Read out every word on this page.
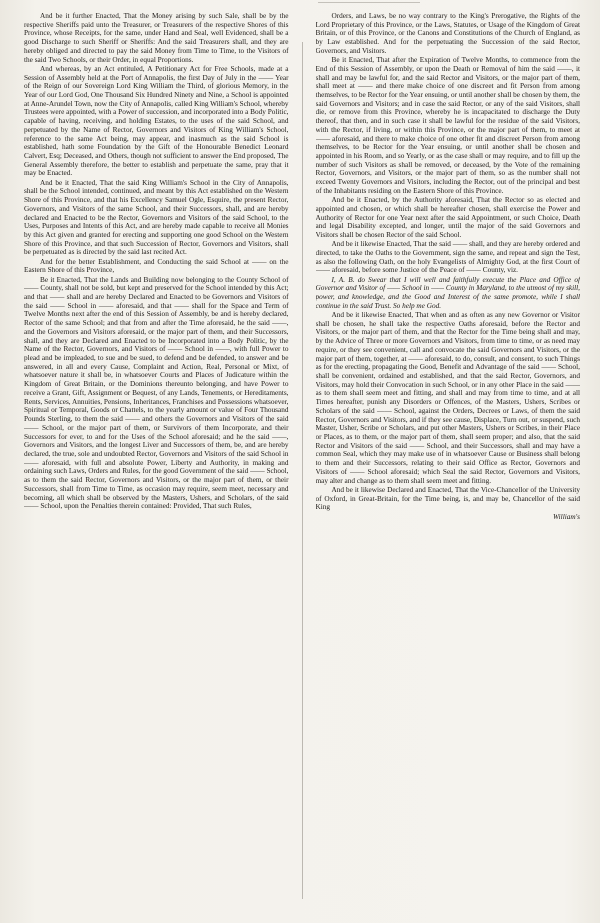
And be it further Enacted, That the Money arising by such Sale, shall be by the respective Sheriffs paid unto the Treasurer, or Treasurers of the respective Shores of this Province, whose Receipts, for the same, under Hand and Seal, well Evidenced, shall be a good Discharge to such Sheriff or Sheriffs: And the said Treasurers shall, and they are hereby obliged and directed to pay the said Money from Time to Time, to the Visitors of the said Two Schools, or their Order, in equal Proportions.

And whereas, by an Act entituled, A Petitionary Act for Free Schools, made at a Session of Assembly held at the Port of Annapolis, the first Day of July in the —— Year of the Reign of our Sovereign Lord King William the Third, of glorious Memory, in the Year of our Lord God, One Thousand Six Hundred Ninety and Nine, a School is appointed at Anne-Arundel Town, now the City of Annapolis, called King William's School, whereby Trustees were appointed, with a Power of succession, and incorporated into a Body Politic, capable of having, receiving, and holding Estates, to the uses of the said School, and perpetuated by the Name of Rector, Governors and Visitors of King William's School, reference to the same Act being, may appear, and inasmuch as the said School is established, hath some Foundation by the Gift of the Honourable Benedict Leonard Calvert, Esq; Deceased, and Others, though not sufficient to answer the End proposed, The General Assembly therefore, the better to establish and perpetuate the same, pray that it may be Enacted.

And be it Enacted, That the said King William's School in the City of Annapolis, shall be the School intended, continued, and meant by this Act established on the Western Shore of this Province, and that his Excellency Samuel Ogle, Esquire, the present Rector, Governors, and Visitors of the same School, and their Successors, shall, and are hereby declared and Enacted to be the Rector, Governors and Visitors of the said School, to the Uses, Purposes and Intents of this Act, and are hereby made capable to receive all Monies by this Act given and granted for erecting and supporting one good School on the Western Shore of this Province, and that such Succession of Rector, Governors and Visitors, shall be perpetuated as is directed by the said last recited Act.

And for the better Establishment, and Conducting the said School at —— on the Eastern Shore of this Province,

Be it Enacted, That the Lands and Building now belonging to the County School of —— County, shall not be sold, but kept and preserved for the School intended by this Act; and that —— shall and are hereby Declared and Enacted to be Governors and Visitors of the said —— School in —— aforesaid, and that —— shall for the Space and Term of Twelve Months next after the end of this Session of Assembly, be and is hereby declared, Rector of the same School; and that from and after the Time aforesaid, he the said ——, and the Governors and Visitors aforesaid, or the major part of them, and their Successors, shall, and they are Declared and Enacted to be Incorporated into a Body Politic, by the Name of the Rector, Governors, and Visitors of —— School in ——, with full Power to plead and be impleaded, to sue and be sued, to defend and be defended, to answer and be answered, in all and every Cause, Complaint and Action, Real, Personal or Mixt, of whatsoever nature it shall be, in whatsoever Courts and Places of Judicature within the Kingdom of Great Britain, or the Dominions thereunto belonging, and have Power to receive a Grant, Gift, Assignment or Bequest, of any Lands, Tenements, or Hereditaments, Rents, Services, Annuities, Pensions, Inheritances, Franchises and Possessions whatsoever, Spiritual or Temporal, Goods or Chattels, to the yearly amount or value of Four Thousand Pounds Sterling, to them the said —— and others the Governors and Visitors of the said —— School, or the major part of them, or Survivors of them Incorporate, and their Successors for ever, to and for the Uses of the School aforesaid; and he the said ——, Governors and Visitors, and the longest Liver and Successors of them, be, and are hereby declared, the true, sole and undoubted Rector, Governors and Visitors of the said School in —— aforesaid, with full and absolute Power, Liberty and Authority, in making and ordaining such Laws, Orders and Rules, for the good Government of the said —— School, as to them the said Rector, Governors and Visitors, or the major part of them, or their Successors, shall from Time to Time, as occasion may require, seem meet, necessary and becoming, all which shall be observed by the Masters, Ushers, and Scholars, of the said —— School, upon the Penalties therein contained: Provided, That such Rules,

Orders, and Laws, be no way contrary to the King's Prerogative, the Rights of the Lord Proprietary of this Province, or the Laws, Statutes, or Usage of the Kingdom of Great Britain, or of this Province, or the Canons and Constitutions of the Church of England, as by Law established. And for the perpetuating the Succession of the said Rector, Governors, and Visitors.

Be it Enacted, That after the Expiration of Twelve Months, to commence from the End of this Session of Assembly, or upon the Death or Removal of him the said ——, it shall and may be lawful for, and the said Rector and Visitors, or the major part of them, shall meet at —— and there make choice of one discreet and fit Person from among themselves, to be Rector for the Year ensuing, or until another shall be chosen by them, the said Governors and Visitors; and in case the said Rector, or any of the said Visitors, shall die, or remove from this Province, whereby he is incapacitated to discharge the Duty thereof, that then, and in such case it shall be lawful for the residue of the said Visitors, with the Rector, if living, or within this Province, or the major part of them, to meet at —— aforesaid, and there to make choice of one other fit and discreet Person from among themselves, to be Rector for the Year ensuing, or until another shall be chosen and appointed in his Room, and so Yearly, or as the case shall or may require, and to fill up the number of such Visitors as shall be removed, or deceased, by the Vote of the remaining Rector, Governors, and Visitors, or the major part of them, so as the number shall not exceed Twenty Governors and Visitors, including the Rector, out of the principal and best of the Inhabitants residing on the Eastern Shore of this Province.

And be it Enacted, by the Authority aforesaid, That the Rector so as elected and appointed and chosen, or which shall be hereafter chosen, shall exercise the Power and Authority of Rector for one Year next after the said Appointment, or such Choice, Death and legal Disability excepted, and longer, until the major of the said Governors and Visitors shall be chosen Rector of the said School.

And be it likewise Enacted, That the said —— shall, and they are hereby ordered and directed, to take the Oaths to the Government, sign the same, and repeat and sign the Test, as also the following Oath, on the holy Evangelists of Almighty God, at the first Court of —— aforesaid, before some Justice of the Peace of —— County, viz.

I, A. B. do Swear that I will well and faithfully execute the Place and Office of Governor and Visitor of —— School in —— County in Maryland, to the utmost of my skill, power, and knowledge, and the Good and Interest of the same promote, while I shall continue in the said Trust. So help me God.

And be it likewise Enacted, That when and as often as any new Governor or Visitor shall be chosen, he shall take the respective Oaths aforesaid, before the Rector and Visitors, or the major part of them, and that the Rector for the Time being shall and may, by the Advice of Three or more Governors and Visitors, from time to time, or as need may require, or they see convenient, call and convocate the said Governors and Visitors, or the major part of them, together, at —— aforesaid, to do, consult, and consent, to such Things as for the erecting, propagating the Good, Benefit and Advantage of the said —— School, shall be convenient, ordained and established, and that the said Rector, Governors, and Visitors, may hold their Convocation in such School, or in any other Place in the said —— as to them shall seem meet and fitting, and shall and may from time to time, and at all Times hereafter, punish any Disorders or Offences, of the Masters, Ushers, Scribes or Scholars of the said —— School, against the Orders, Decrees or Laws, of them the said Rector, Governors and Visitors, and if they see cause, Displace, Turn out, or suspend, such Master, Usher, Scribe or Scholars, and put other Masters, Ushers or Scribes, in their Place or Places, as to them, or the major part of them, shall seem proper; and also, that the said Rector and Visitors of the said —— School, and their Successors, shall and may have a common Seal, which they may make use of in whatsoever Cause or Business shall belong to them and their Successors, relating to their said Office as Rector, Governors and Visitors of —— School aforesaid; which Seal the said Rector, Governors and Visitors, may alter and change as to them shall seem meet and fitting.

And be it likewise Declared and Enacted, That the Vice-Chancellor of the University of Oxford, in Great-Britain, for the Time being, is, and may be, Chancellor of the said King

William's
